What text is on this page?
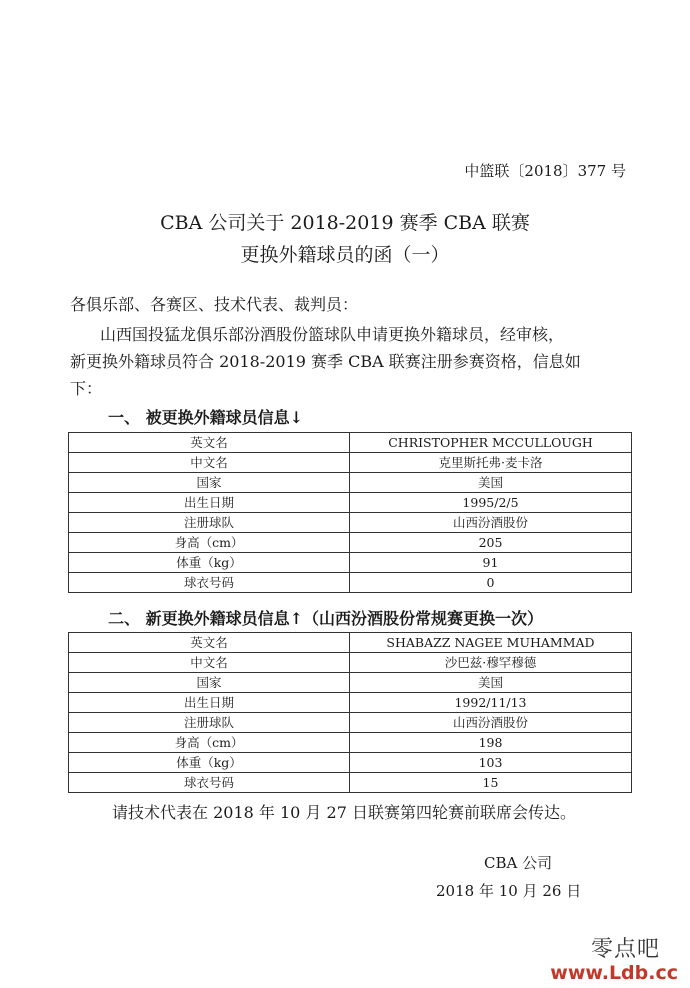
中篮联〔2018〕377 号
CBA 公司关于 2018-2019 赛季 CBA 联赛
更换外籍球员的函（一）
各俱乐部、各赛区、技术代表、裁判员：
山西国投猛龙俱乐部汾酒股份篮球队申请更换外籍球员，经审核，
新更换外籍球员符合 2018-2019 赛季 CBA 联赛注册参赛资格，信息如
下：
一、 被更换外籍球员信息↓
英文名	CHRISTOPHER MCCULLOUGH
中文名	克里斯托弗·麦卡洛
国家	美国
出生日期	1995/2/5
注册球队	山西汾酒股份
身高（cm）	205
体重（kg）	91
球衣号码	0
二、 新更换外籍球员信息↑（山西汾酒股份常规赛更换一次）
英文名	SHABAZZ NAGEE MUHAMMAD
中文名	沙巴兹·穆罕穆德
国家	美国
出生日期	1992/11/13
注册球队	山西汾酒股份
身高（cm）	198
体重（kg）	103
球衣号码	15
请技术代表在 2018 年 10 月 27 日联赛第四轮赛前联席会传达。
CBA 公司
2018 年 10 月 26 日
零点吧
www.Ldb.cc
